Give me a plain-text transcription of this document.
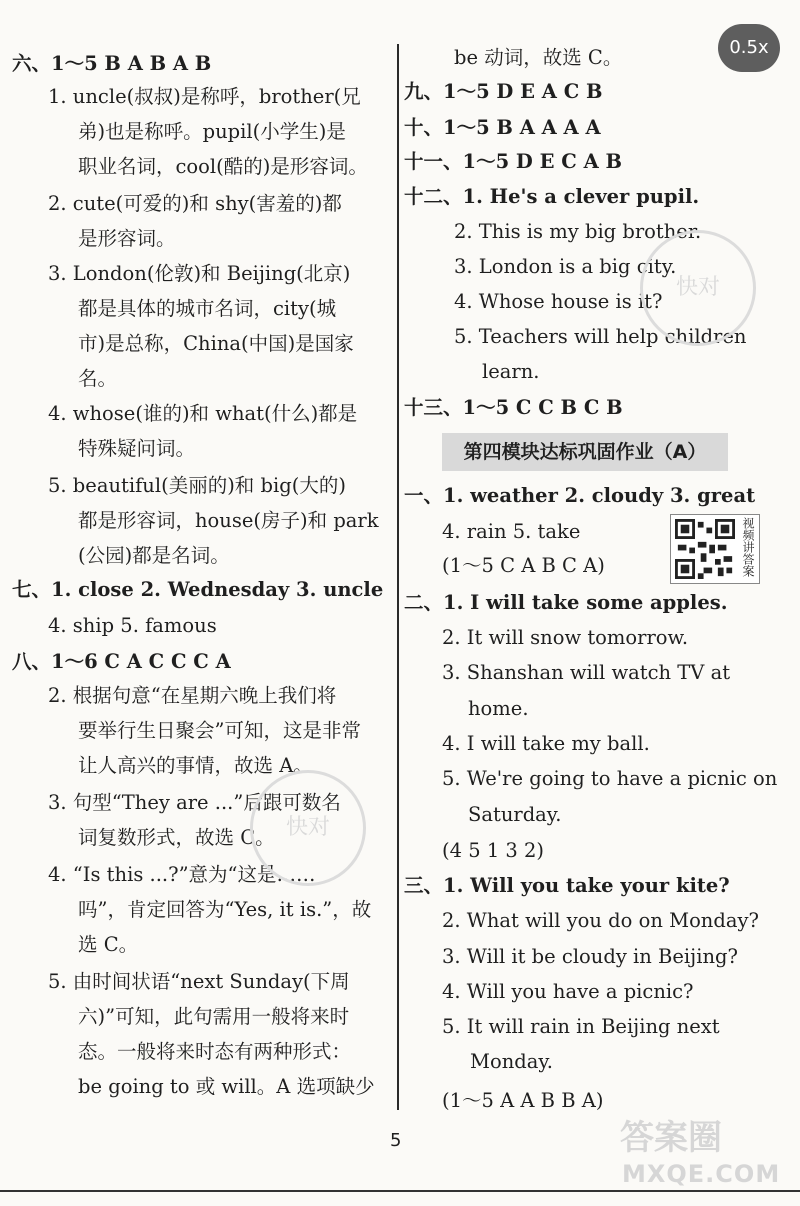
0.5x
六、1～5 B A B A B
1. uncle(叔叔)是称呼，brother(兄
弟)也是称呼。pupil(小学生)是
职业名词，cool(酷的)是形容词。
2. cute(可爱的)和 shy(害羞的)都
是形容词。
3. London(伦敦)和 Beijing(北京)
都是具体的城市名词，city(城
市)是总称，China(中国)是国家
名。
4. whose(谁的)和 what(什么)都是
特殊疑问词。
5. beautiful(美丽的)和 big(大的)
都是形容词，house(房子)和 park
(公园)都是名词。
七、1. close 2. Wednesday 3. uncle
4. ship 5. famous
八、1～6 C A C C C A
2. 根据句意“在星期六晚上我们将
要举行生日聚会”可知，这是非常
让人高兴的事情，故选 A。
3. 句型“They are ...”后跟可数名
词复数形式，故选 C。
4. “Is this ...?”意为“这是……
吗”，肯定回答为“Yes, it is.”，故
选 C。
5. 由时间状语“next Sunday(下周
六)”可知，此句需用一般将来时
态。一般将来时态有两种形式：
be going to 或 will。A 选项缺少
be 动词，故选 C。
九、1～5 D E A C B
十、1～5 B A A A A
十一、1～5 D E C A B
十二、1. He's a clever pupil.
2. This is my big brother.
3. London is a big city.
4. Whose house is it?
5. Teachers will help children
learn.
十三、1～5 C C B C B
第四模块达标巩固作业（A）
一、1. weather 2. cloudy 3. great
4. rain 5. take
(1～5 C A B C A)
二、1. I will take some apples.
2. It will snow tomorrow.
3. Shanshan will watch TV at
home.
4. I will take my ball.
5. We're going to have a picnic on
Saturday.
(4 5 1 3 2)
三、1. Will you take your kite?
2. What will you do on Monday?
3. Will it be cloudy in Beijing?
4. Will you have a picnic?
5. It will rain in Beijing next
Monday.
(1～5 A A B B A)
视频讲答案
快对
快对
5	答案圈
MXQE.COM
